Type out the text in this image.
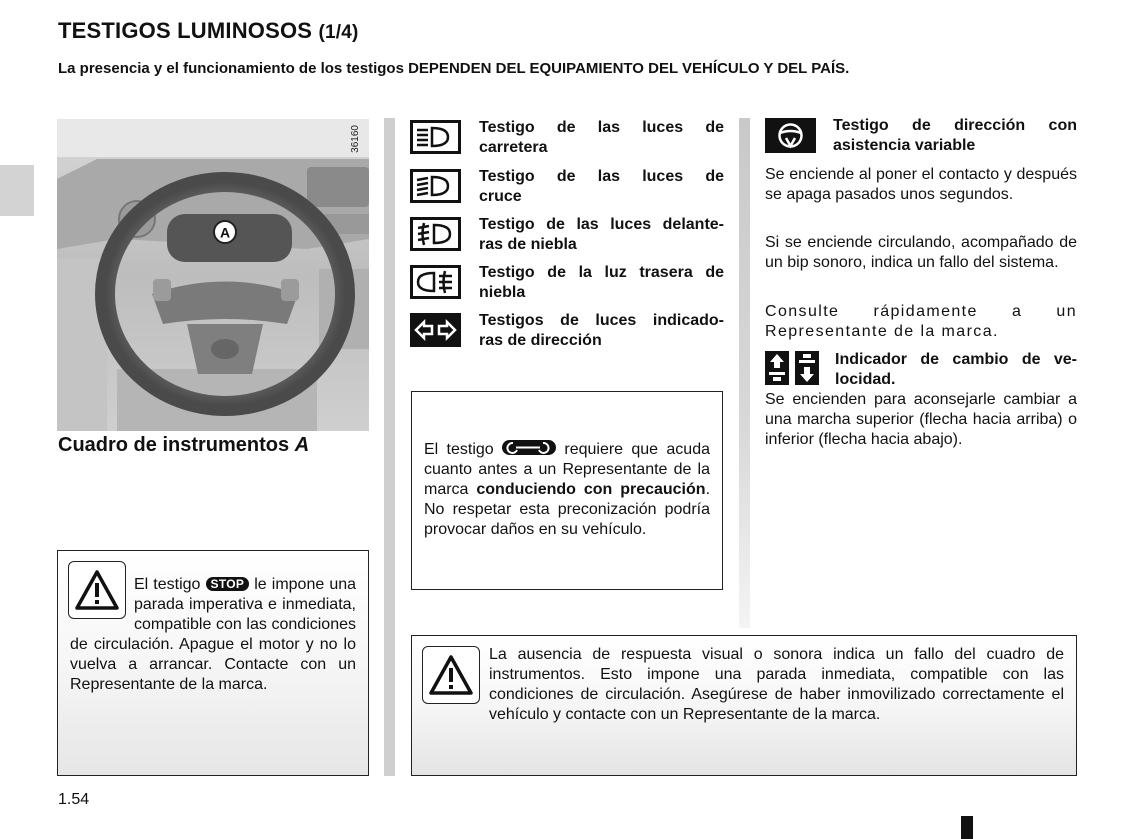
TESTIGOS LUMINOSOS (1/4)
La presencia y el funcionamiento de los testigos DEPENDEN DEL EQUIPAMIENTO DEL VEHÍCULO Y DEL PAÍS.
A
36160
Cuadro de instrumentos A
Testigo de las luces de
carretera
Testigo de las luces de
cruce
Testigo de las luces delante-
ras de niebla
Testigo de la luz trasera de
niebla
Testigos de luces indicado-
ras de dirección
El testigo	requiere que acuda cuanto antes a un Representante de la marca conduciendo con precaución. No respetar esta preconización podría provocar daños en su vehículo.
El testigo STOP le impone una parada imperativa e inmediata, compatible con las condiciones de circulación. Apague el motor y no lo vuelva a arrancar. Contacte con un Representante de la marca.
Testigo de dirección con
asistencia variable
Se enciende al poner el contacto y después se apaga pasados unos segundos.
Si se enciende circulando, acompañado de un bip sonoro, indica un fallo del sistema.
Consulte rápidamente a un Representante de la marca.
Indicador de cambio de ve-
locidad.
Se encienden para aconsejarle cambiar a una marcha superior (flecha hacia arriba) o inferior (flecha hacia abajo).
La ausencia de respuesta visual o sonora indica un fallo del cuadro de instrumentos. Esto impone una parada inmediata, compatible con las condiciones de circulación. Asegúrese de haber inmovilizado correctamente el vehículo y contacte con un Representante de la marca.
1.54
